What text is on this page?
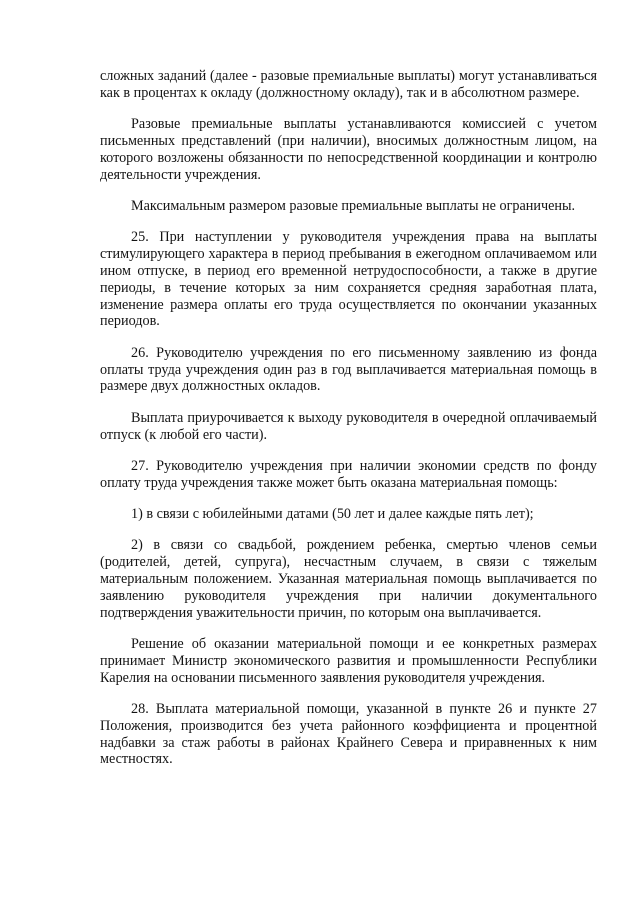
сложных заданий (далее - разовые премиальные выплаты) могут устанавливаться как в процентах к окладу (должностному окладу), так и в абсолютном размере.

Разовые премиальные выплаты устанавливаются комиссией с учетом письменных представлений (при наличии), вносимых должностным лицом, на которого возложены обязанности по непосредственной координации и контролю деятельности учреждения.

Максимальным размером разовые премиальные выплаты не ограничены.

25. При наступлении у руководителя учреждения права на выплаты стимулирующего характера в период пребывания в ежегодном оплачиваемом или ином отпуске, в период его временной нетрудоспособности, а также в другие периоды, в течение которых за ним сохраняется средняя заработная плата, изменение размера оплаты его труда осуществляется по окончании указанных периодов.

26. Руководителю учреждения по его письменному заявлению из фонда оплаты труда учреждения один раз в год выплачивается материальная помощь в размере двух должностных окладов.

Выплата приурочивается к выходу руководителя в очередной оплачиваемый отпуск (к любой его части).

27. Руководителю учреждения при наличии экономии средств по фонду оплату труда учреждения также может быть оказана материальная помощь:

1) в связи с юбилейными датами (50 лет и далее каждые пять лет);

2) в связи со свадьбой, рождением ребенка, смертью членов семьи (родителей, детей, супруга), несчастным случаем, в связи с тяжелым материальным положением. Указанная материальная помощь выплачивается по заявлению руководителя учреждения при наличии документального подтверждения уважительности причин, по которым она выплачивается.

Решение об оказании материальной помощи и ее конкретных размерах принимает Министр экономического развития и промышленности Республики Карелия на основании письменного заявления руководителя учреждения.

28. Выплата материальной помощи, указанной в пункте 26 и пункте 27 Положения, производится без учета районного коэффициента и процентной надбавки за стаж работы в районах Крайнего Севера и приравненных к ним местностях.
